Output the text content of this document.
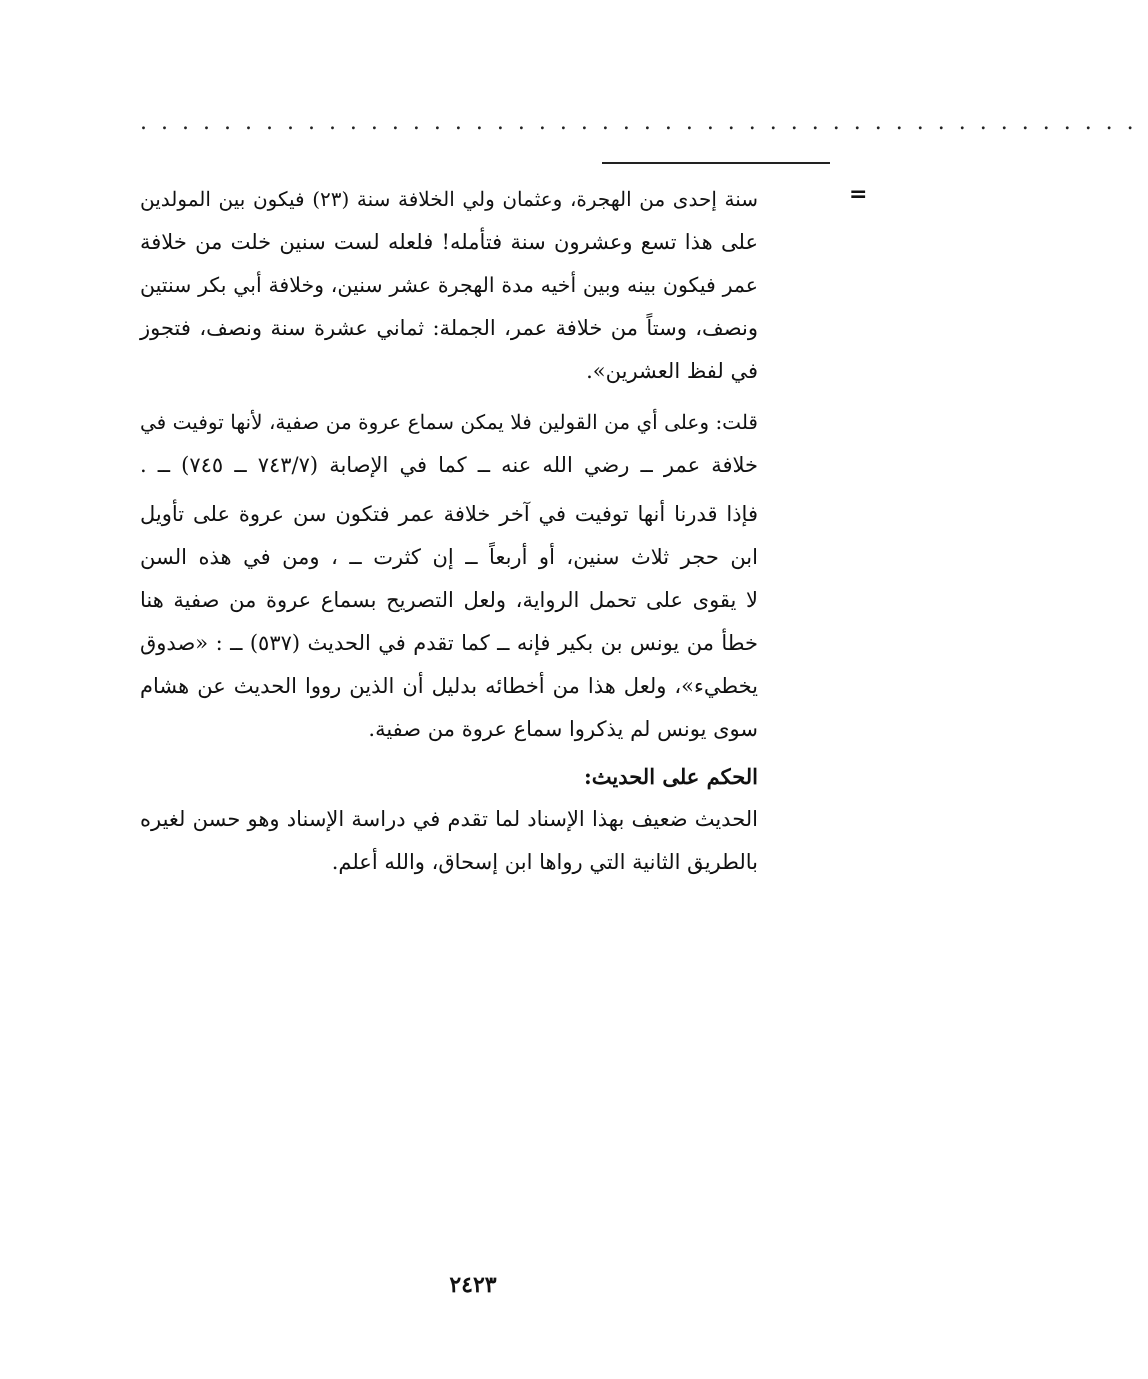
................................................
=

سنة إحدى من الهجرة، وعثمان ولي الخلافة سنة (٢٣) فيكون بين المولدين
على هذا تسع وعشرون سنة فتأمله! فلعله لست سنين خلت من خلافة
عمر فيكون بينه وبين أخيه مدة الهجرة عشر سنين، وخلافة أبي بكر سنتين
ونصف، وستاً من خلافة عمر، الجملة: ثماني عشرة سنة ونصف، فتجوز
في لفظ العشرين».

قلت: وعلى أي من القولين فلا يمكن سماع عروة من صفية، لأنها توفيت في
خلافة عمر ــ رضي الله عنه ــ كما في الإصابة (٧٤٣/٧ ــ ٧٤٥) ــ .

فإذا قدرنا أنها توفيت في آخر خلافة عمر فتكون سن عروة على تأويل
ابن حجر ثلاث سنين، أو أربعاً ــ إن كثرت ــ ، ومن في هذه السن
لا يقوى على تحمل الرواية، ولعل التصريح بسماع عروة من صفية هنا
خطأ من يونس بن بكير فإنه ــ كما تقدم في الحديث (٥٣٧) ــ : «صدوق
يخطيء»، ولعل هذا من أخطائه بدليل أن الذين رووا الحديث عن هشام
سوى يونس لم يذكروا سماع عروة من صفية.

الحكم على الحديث:

الحديث ضعيف بهذا الإسناد لما تقدم في دراسة الإسناد وهو حسن لغيره
بالطريق الثانية التي رواها ابن إسحاق، والله أعلم.

٢٤٢٣
